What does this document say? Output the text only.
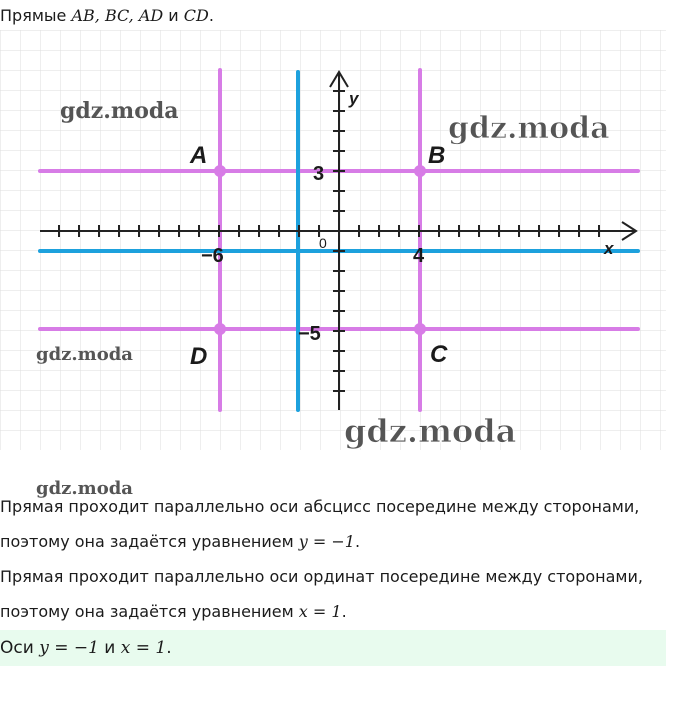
Прямые AB, BC, AD и CD.
A	B
C
D
3
−5
−6	4
0	x
y
gdz.moda	gdz.moda
gdz.moda
gdz.moda
gdz.moda
Прямая проходит параллельно оси абсцисс посередине между сторонами,
поэтому она задаётся уравнением y = −1.
Прямая проходит параллельно оси ординат посередине между сторонами,
поэтому она задаётся уравнением x = 1.
Оси y = −1 и x = 1.
